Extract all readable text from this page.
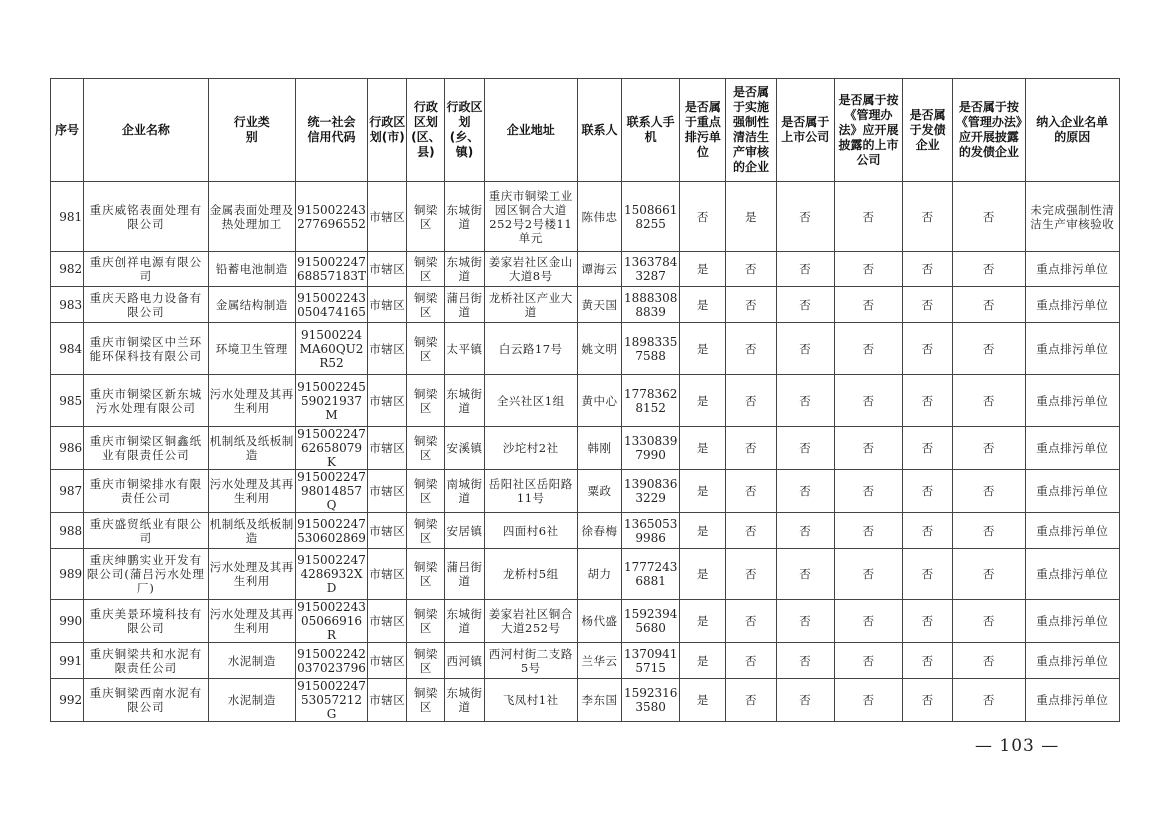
序号	企业名称	行业类别	统一社会信用代码	行政区划(市)	行政区划(区、县)	行政区划(乡、镇)	企业地址	联系人	联系人手机	是否属于重点排污单位	是否属于实施强制性清洁生产审核的企业	是否属于上市公司	是否属于按《管理办法》应开展披露的上市公司	是否属于发债企业	是否属于按《管理办法》应开展披露的发债企业	纳入企业名单的原因
981	重庆威铭表面处理有限公司	金属表面处理及热处理加工	915002243277696552	市辖区	铜梁区	东城街道	重庆市铜梁工业园区铜合大道252号2号楼11单元	陈伟忠	15086618255	否	是	否	否	否	否	未完成强制性清洁生产审核验收
982	重庆创祥电源有限公司	铅蓄电池制造	91500224768857183T	市辖区	铜梁区	东城街道	姜家岩社区金山大道8号	谭海云	13637843287	是	否	否	否	否	否	重点排污单位
983	重庆天路电力设备有限公司	金属结构制造	915002243050474165	市辖区	铜梁区	蒲吕街道	龙桥社区产业大道	黄天国	18883088839	是	否	否	否	否	否	重点排污单位
984	重庆市铜梁区中兰环能环保科技有限公司	环境卫生管理	91500224MA60QU2R52	市辖区	铜梁区	太平镇	白云路17号	姚文明	18983357588	是	否	否	否	否	否	重点排污单位
985	重庆市铜梁区新东城污水处理有限公司	污水处理及其再生利用	91500224559021937M	市辖区	铜梁区	东城街道	全兴社区1组	黄中心	17783628152	是	否	否	否	否	否	重点排污单位
986	重庆市铜梁区铜鑫纸业有限责任公司	机制纸及纸板制造	91500224762658079K	市辖区	铜梁区	安溪镇	沙坨村2社	韩刚	13308397990	是	否	否	否	否	否	重点排污单位
987	重庆市铜梁排水有限责任公司	污水处理及其再生利用	91500224798014857Q	市辖区	铜梁区	南城街道	岳阳社区岳阳路11号	粟政	13908363229	是	否	否	否	否	否	重点排污单位
988	重庆盛贸纸业有限公司	机制纸及纸板制造	915002247530602869	市辖区	铜梁区	安居镇	四面村6社	徐春梅	13650539986	是	否	否	否	否	否	重点排污单位
989	重庆绅鹏实业开发有限公司(蒲吕污水处理厂)	污水处理及其再生利用	9150022474286932XD	市辖区	铜梁区	蒲吕街道	龙桥村5组	胡力	17772436881	是	否	否	否	否	否	重点排污单位
990	重庆美景环境科技有限公司	污水处理及其再生利用	91500224305066916R	市辖区	铜梁区	东城街道	姜家岩社区铜合大道252号	杨代盛	15923945680	是	否	否	否	否	否	重点排污单位
991	重庆铜梁共和水泥有限责任公司	水泥制造	915002242037023796	市辖区	铜梁区	西河镇	西河村街二支路5号	兰华云	13709415715	是	否	否	否	否	否	重点排污单位
992	重庆铜梁西南水泥有限公司	水泥制造	91500224753057212G	市辖区	铜梁区	东城街道	飞凤村1社	李东国	15923163580	是	否	否	否	否	否	重点排污单位
— 103 —
